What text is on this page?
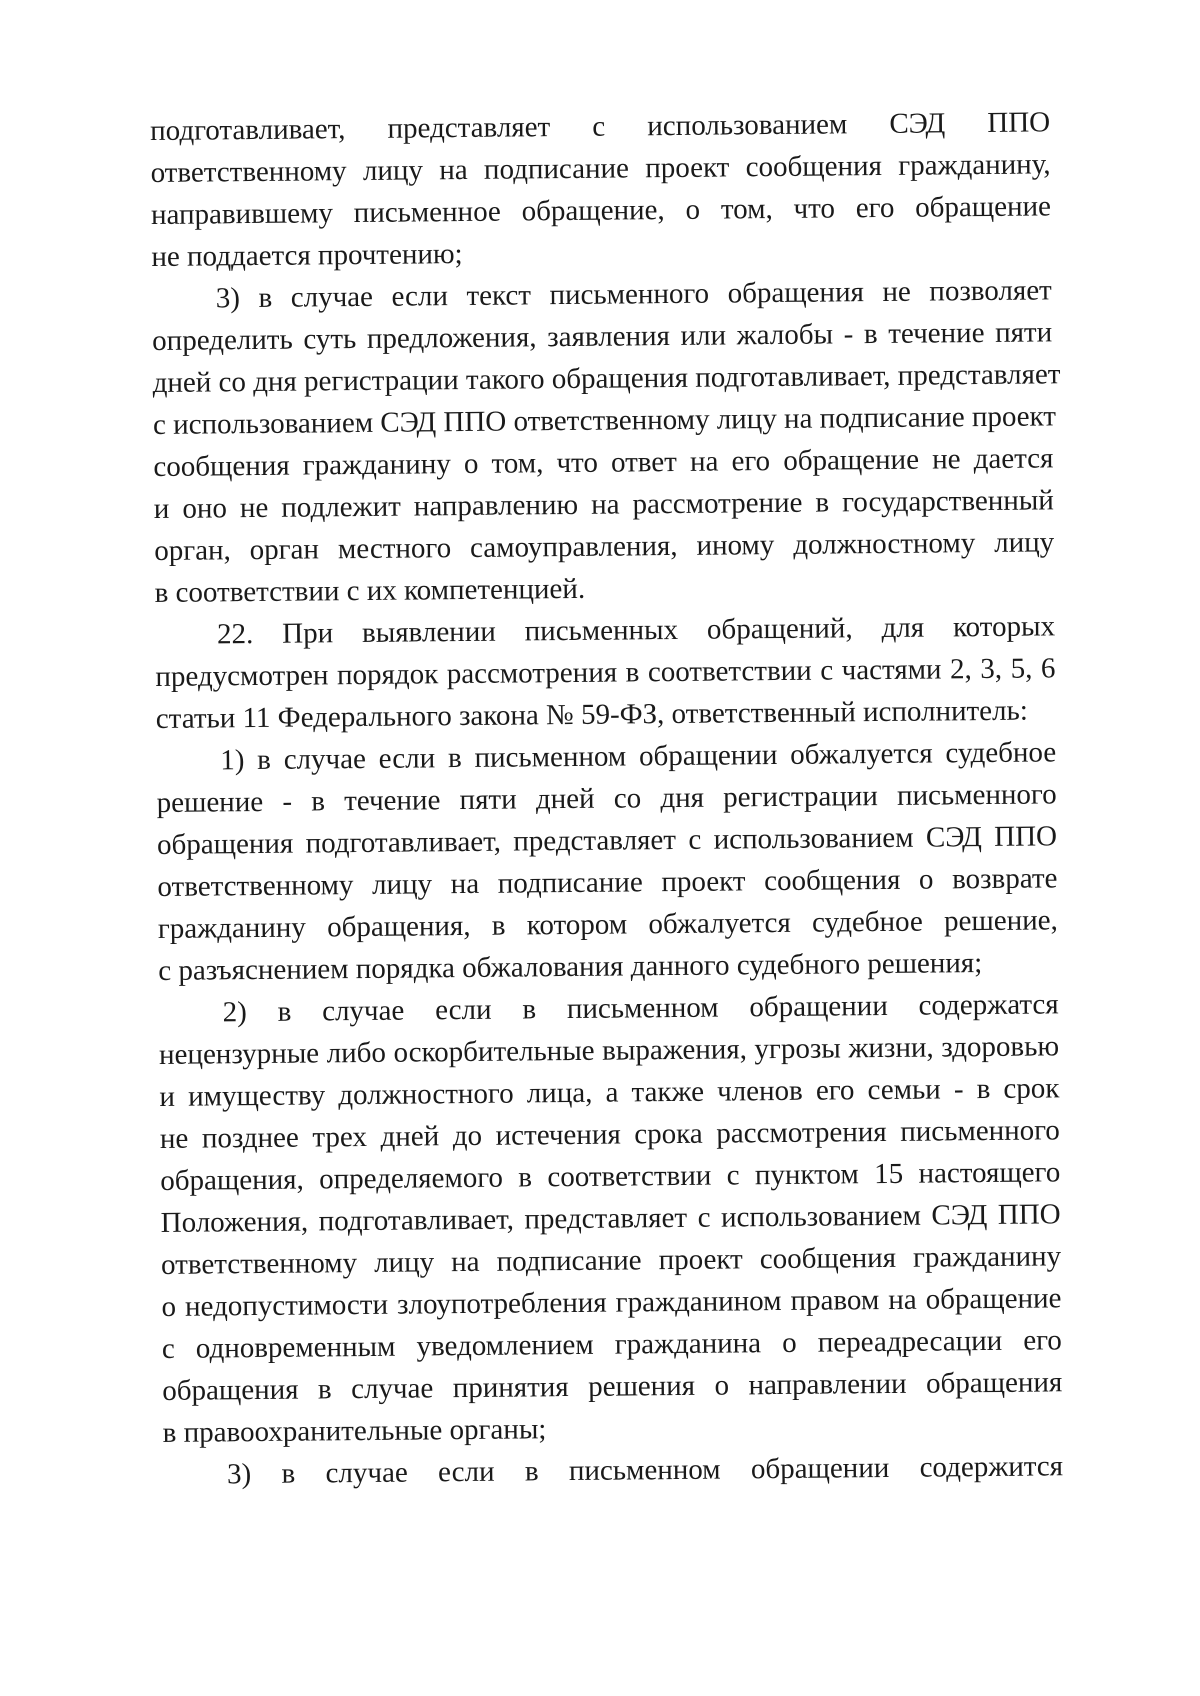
подготавливает, представляет с использованием СЭД ППО
ответственному лицу на подписание проект сообщения гражданину,
направившему письменное обращение, о том, что его обращение
не поддается прочтению;
3) в случае если текст письменного обращения не позволяет
определить суть предложения, заявления или жалобы - в течение пяти
дней со дня регистрации такого обращения подготавливает, представляет
с использованием СЭД ППО ответственному лицу на подписание проект
сообщения гражданину о том, что ответ на его обращение не дается
и оно не подлежит направлению на рассмотрение в государственный
орган, орган местного самоуправления, иному должностному лицу
в соответствии с их компетенцией.
22. При выявлении письменных обращений, для которых
предусмотрен порядок рассмотрения в соответствии с частями 2, 3, 5, 6
статьи 11 Федерального закона № 59-ФЗ, ответственный исполнитель:
1) в случае если в письменном обращении обжалуется судебное
решение - в течение пяти дней со дня регистрации письменного
обращения подготавливает, представляет с использованием СЭД ППО
ответственному лицу на подписание проект сообщения о возврате
гражданину обращения, в котором обжалуется судебное решение,
с разъяснением порядка обжалования данного судебного решения;
2) в случае если в письменном обращении содержатся
нецензурные либо оскорбительные выражения, угрозы жизни, здоровью
и имуществу должностного лица, а также членов его семьи - в срок
не позднее трех дней до истечения срока рассмотрения письменного
обращения, определяемого в соответствии с пунктом 15 настоящего
Положения, подготавливает, представляет с использованием СЭД ППО
ответственному лицу на подписание проект сообщения гражданину
о недопустимости злоупотребления гражданином правом на обращение
с одновременным уведомлением гражданина о переадресации его
обращения в случае принятия решения о направлении обращения
в правоохранительные органы;
3) в случае если в письменном обращении содержится
